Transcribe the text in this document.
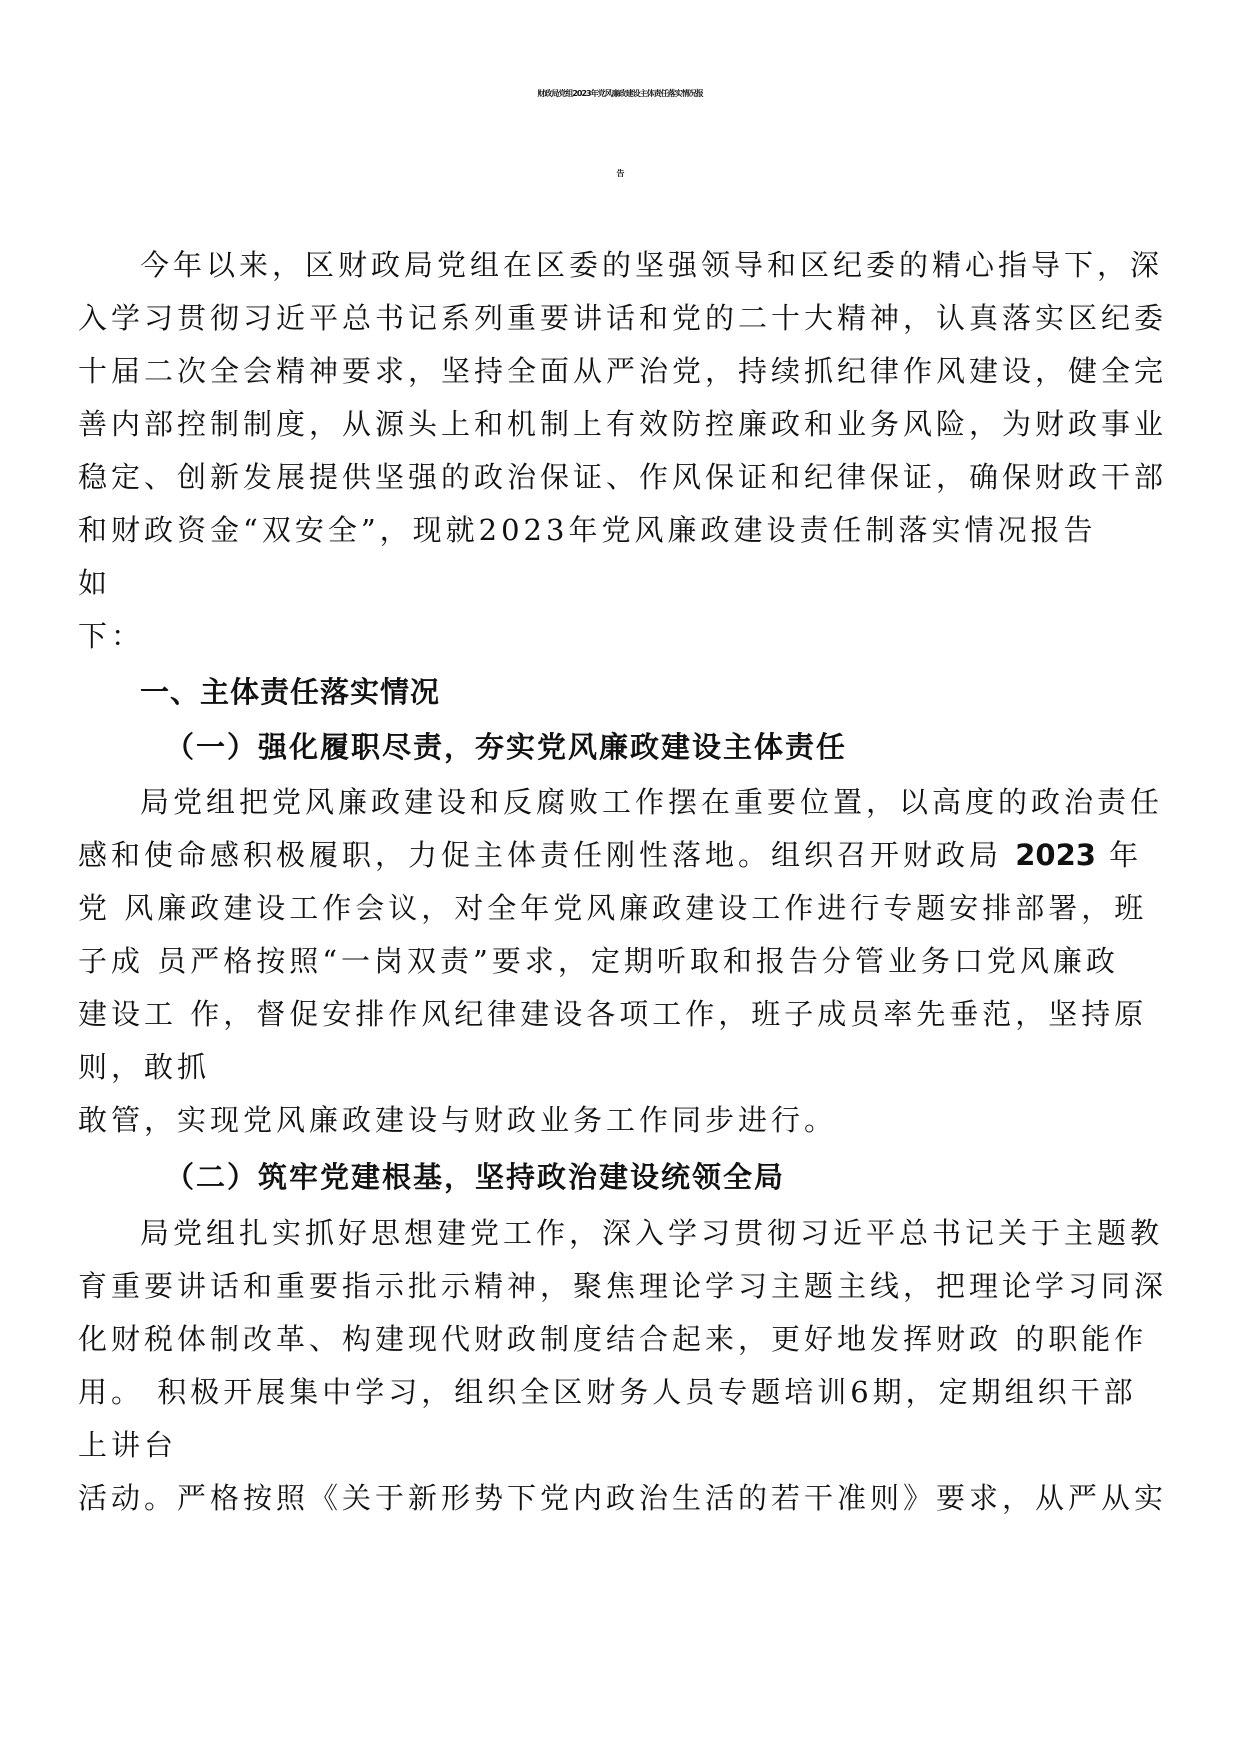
财政局党组2023年党风廉政建设主体责任落实情况报
告
今年以来，区财政局党组在区委的坚强领导和区纪委的精心指导下，深
入学习贯彻习近平总书记系列重要讲话和党的二十大精神，认真落实区纪委
十届二次全会精神要求，坚持全面从严治党，持续抓纪律作风建设，健全完
善内部控制制度，从源头上和机制上有效防控廉政和业务风险，为财政事业
稳定、创新发展提供坚强的政治保证、作风保证和纪律保证，确保财政干部
和财政资金“双安全”，现就2023年党风廉政建设责任制落实情况报告
如
下：
一、主体责任落实情况
（一）强化履职尽责，夯实党风廉政建设主体责任
局党组把党风廉政建设和反腐败工作摆在重要位置，以高度的政治责任
感和使命感积极履职，力促主体责任刚性落地。组织召开财政局 2023 年
党 风廉政建设工作会议，对全年党风廉政建设工作进行专题安排部署，班
子成 员严格按照“一岗双责”要求，定期听取和报告分管业务口党风廉政
建设工 作，督促安排作风纪律建设各项工作，班子成员率先垂范，坚持原
则，敢抓
敢管，实现党风廉政建设与财政业务工作同步进行。
（二）筑牢党建根基，坚持政治建设统领全局
局党组扎实抓好思想建党工作，深入学习贯彻习近平总书记关于主题教
育重要讲话和重要指示批示精神，聚焦理论学习主题主线，把理论学习同深
化财税体制改革、构建现代财政制度结合起来，更好地发挥财政 的职能作
用。 积极开展集中学习，组织全区财务人员专题培训6期，定期组织干部
上讲台
活动。严格按照《关于新形势下党内政治生活的若干准则》要求，从严从实
